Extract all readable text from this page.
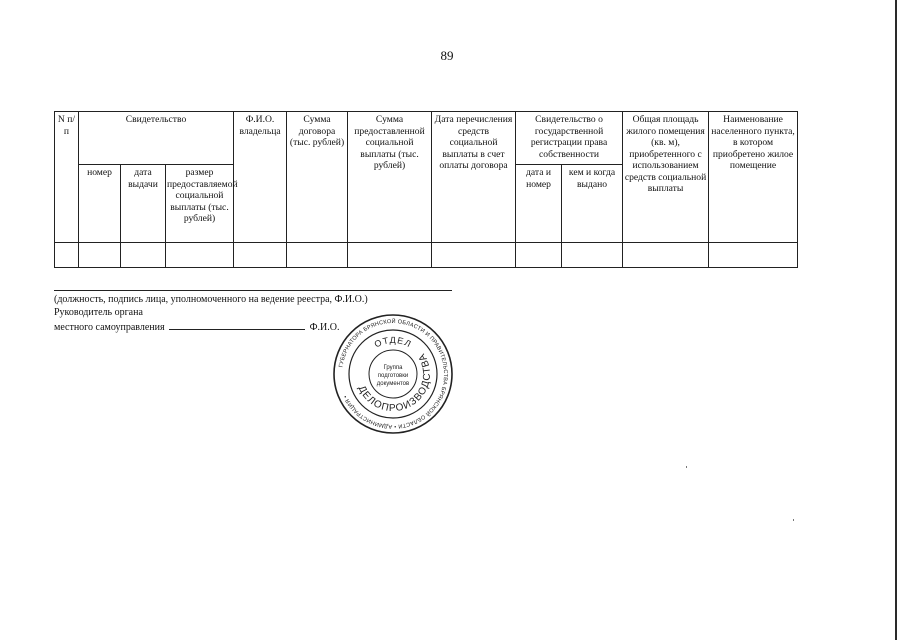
89
N п/п	Свидетельство			Ф.И.О. владельца	Сумма договора (тыс. рублей)	Сумма предоставленной социальной выплаты (тыс. рублей)	Дата перечисления средств социальной выплаты в счет оплаты договора	Свидетельство о государственной регистрации права собственности		Общая площадь жилого помещения (кв. м), приобретенного с использованием средств социальной выплаты	Наименование населенного пункта, в котором приобретено жилое помещение
	номер	дата выдачи	размер предоставляемой социальной выплаты (тыс. рублей)					дата и номер	кем и когда выдано		

(должность, подпись лица, уполномоченного на ведение реестра, Ф.И.О.)
Руководитель органа
местного самоуправления	Ф.И.О.
ГУБЕРНАТОРА БРЯНСКОЙ ОБЛАСТИ И ПРАВИТЕЛЬСТВА БРЯНСКОЙ ОБЛАСТИ • АДМИНИСТРАЦИЯ •
ДЕЛОПРОИЗВОДСТВА
ОТДЕЛ
Группа
подготовки
документов
